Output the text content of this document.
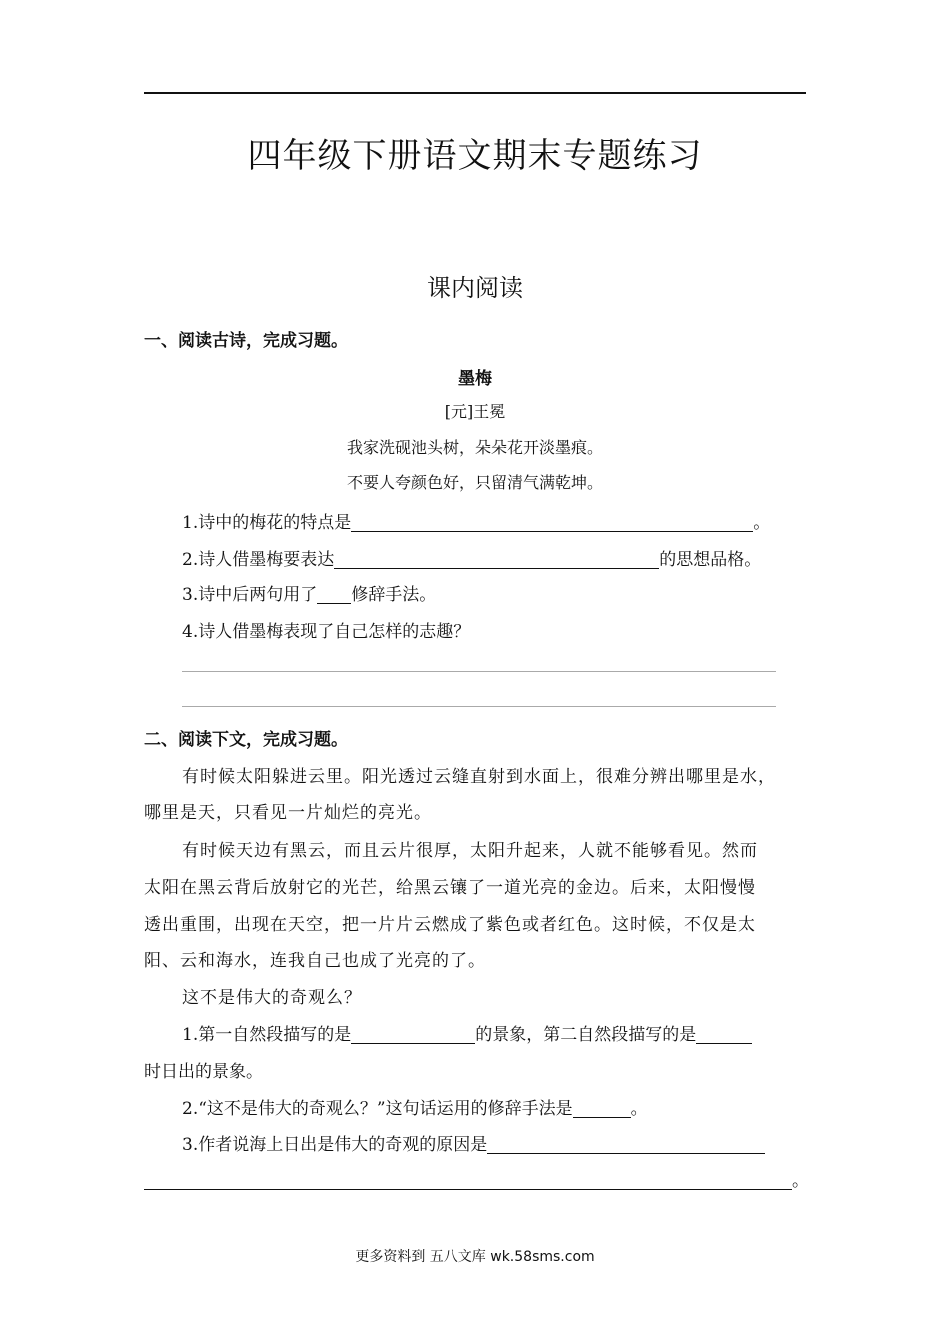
四年级下册语文期末专题练习
课内阅读
一、阅读古诗，完成习题。
墨梅
[元]王冕
我家洗砚池头树，朵朵花开淡墨痕。
不要人夸颜色好，只留清气满乾坤。
1.诗中的梅花的特点是	。
2.诗人借墨梅要表达	的思想品格。
3.诗中后两句用了 修辞手法。
4.诗人借墨梅表现了自己怎样的志趣？
二、阅读下文，完成习题。
有时候太阳躲进云里。阳光透过云缝直射到水面上，很难分辨出哪里是水，
哪里是天，只看见一片灿烂的亮光。
有时候天边有黑云，而且云片很厚，太阳升起来，人就不能够看见。然而
太阳在黑云背后放射它的光芒，给黑云镶了一道光亮的金边。后来，太阳慢慢
透出重围，出现在天空，把一片片云燃成了紫色或者红色。这时候，不仅是太
阳、云和海水，连我自己也成了光亮的了。
这不是伟大的奇观么？
1.第一自然段描写的是	的景象，第二自然段描写的是
时日出的景象。
2.“这不是伟大的奇观么？”这句话运用的修辞手法是	。
3.作者说海上日出是伟大的奇观的原因是
。
更多资料到 五八文库 wk.58sms.com
